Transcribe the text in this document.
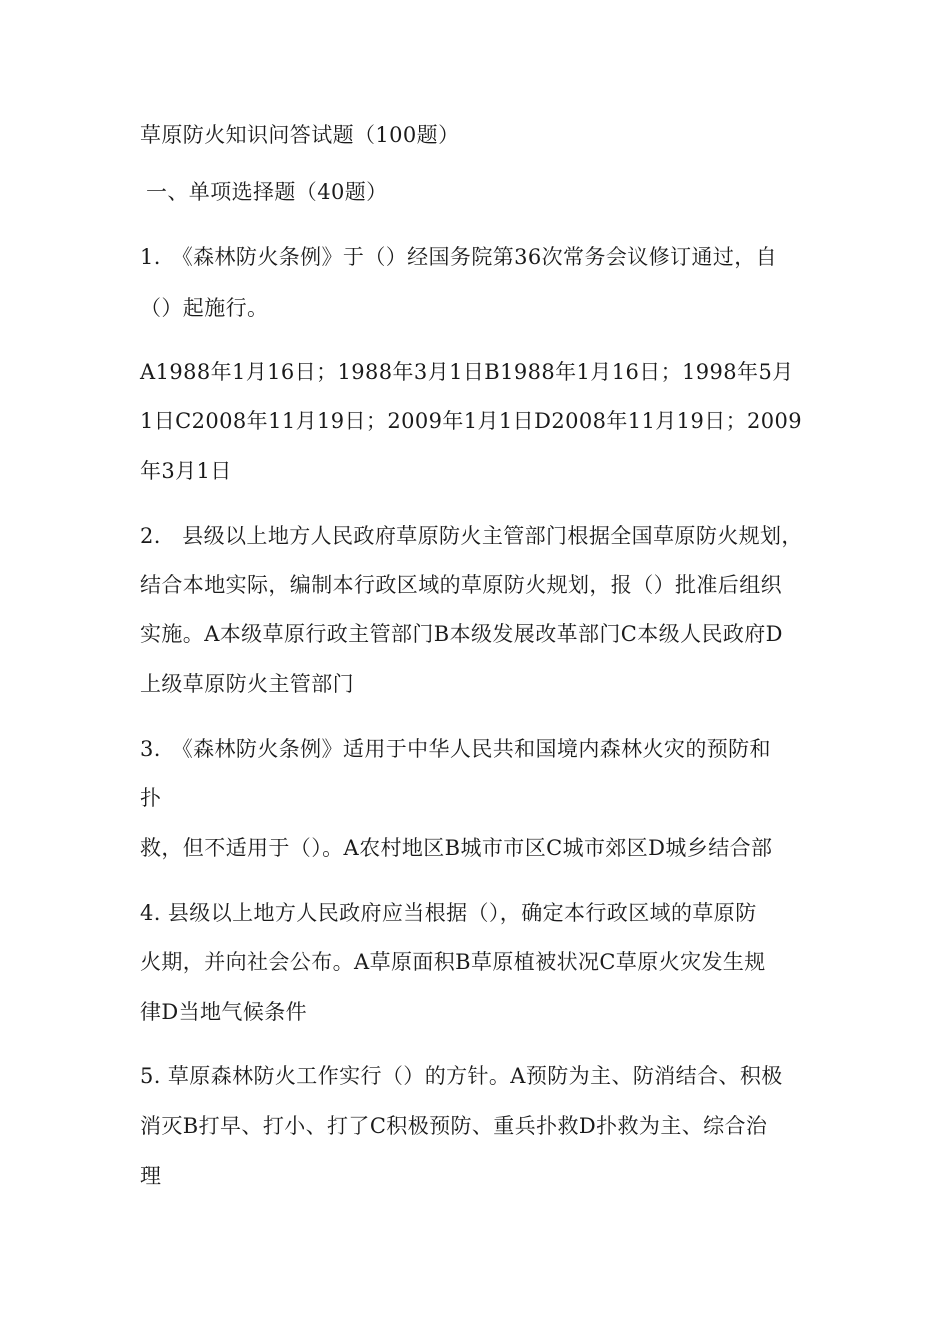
草原防火知识问答试题（100题）
一、单项选择题（40题）
1.　《森林防火条例》于（）经国务院第36次常务会议修订通过，自
（）起施行。
A1988年1月16日；1988年3月1日B1988年1月16日；1998年5月
1日C2008年11月19日；2009年1月1日D2008年11月19日；2009
年3月1日
2.　县级以上地方人民政府草原防火主管部门根据全国草原防火规划，
结合本地实际，编制本行政区域的草原防火规划，报（）批准后组织
实施。A本级草原行政主管部门B本级发展改革部门C本级人民政府D
上级草原防火主管部门
3.　《森林防火条例》适用于中华人民共和国境内森林火灾的预防和
扑
救，但不适用于（）。A农村地区B城市市区C城市郊区D城乡结合部
4. 县级以上地方人民政府应当根据（），确定本行政区域的草原防
火期，并向社会公布。A草原面积B草原植被状况C草原火灾发生规
律D当地气候条件
5. 草原森林防火工作实行（）的方针。A预防为主、防消结合、积极
消灭B打早、打小、打了C积极预防、重兵扑救D扑救为主、综合治
理
